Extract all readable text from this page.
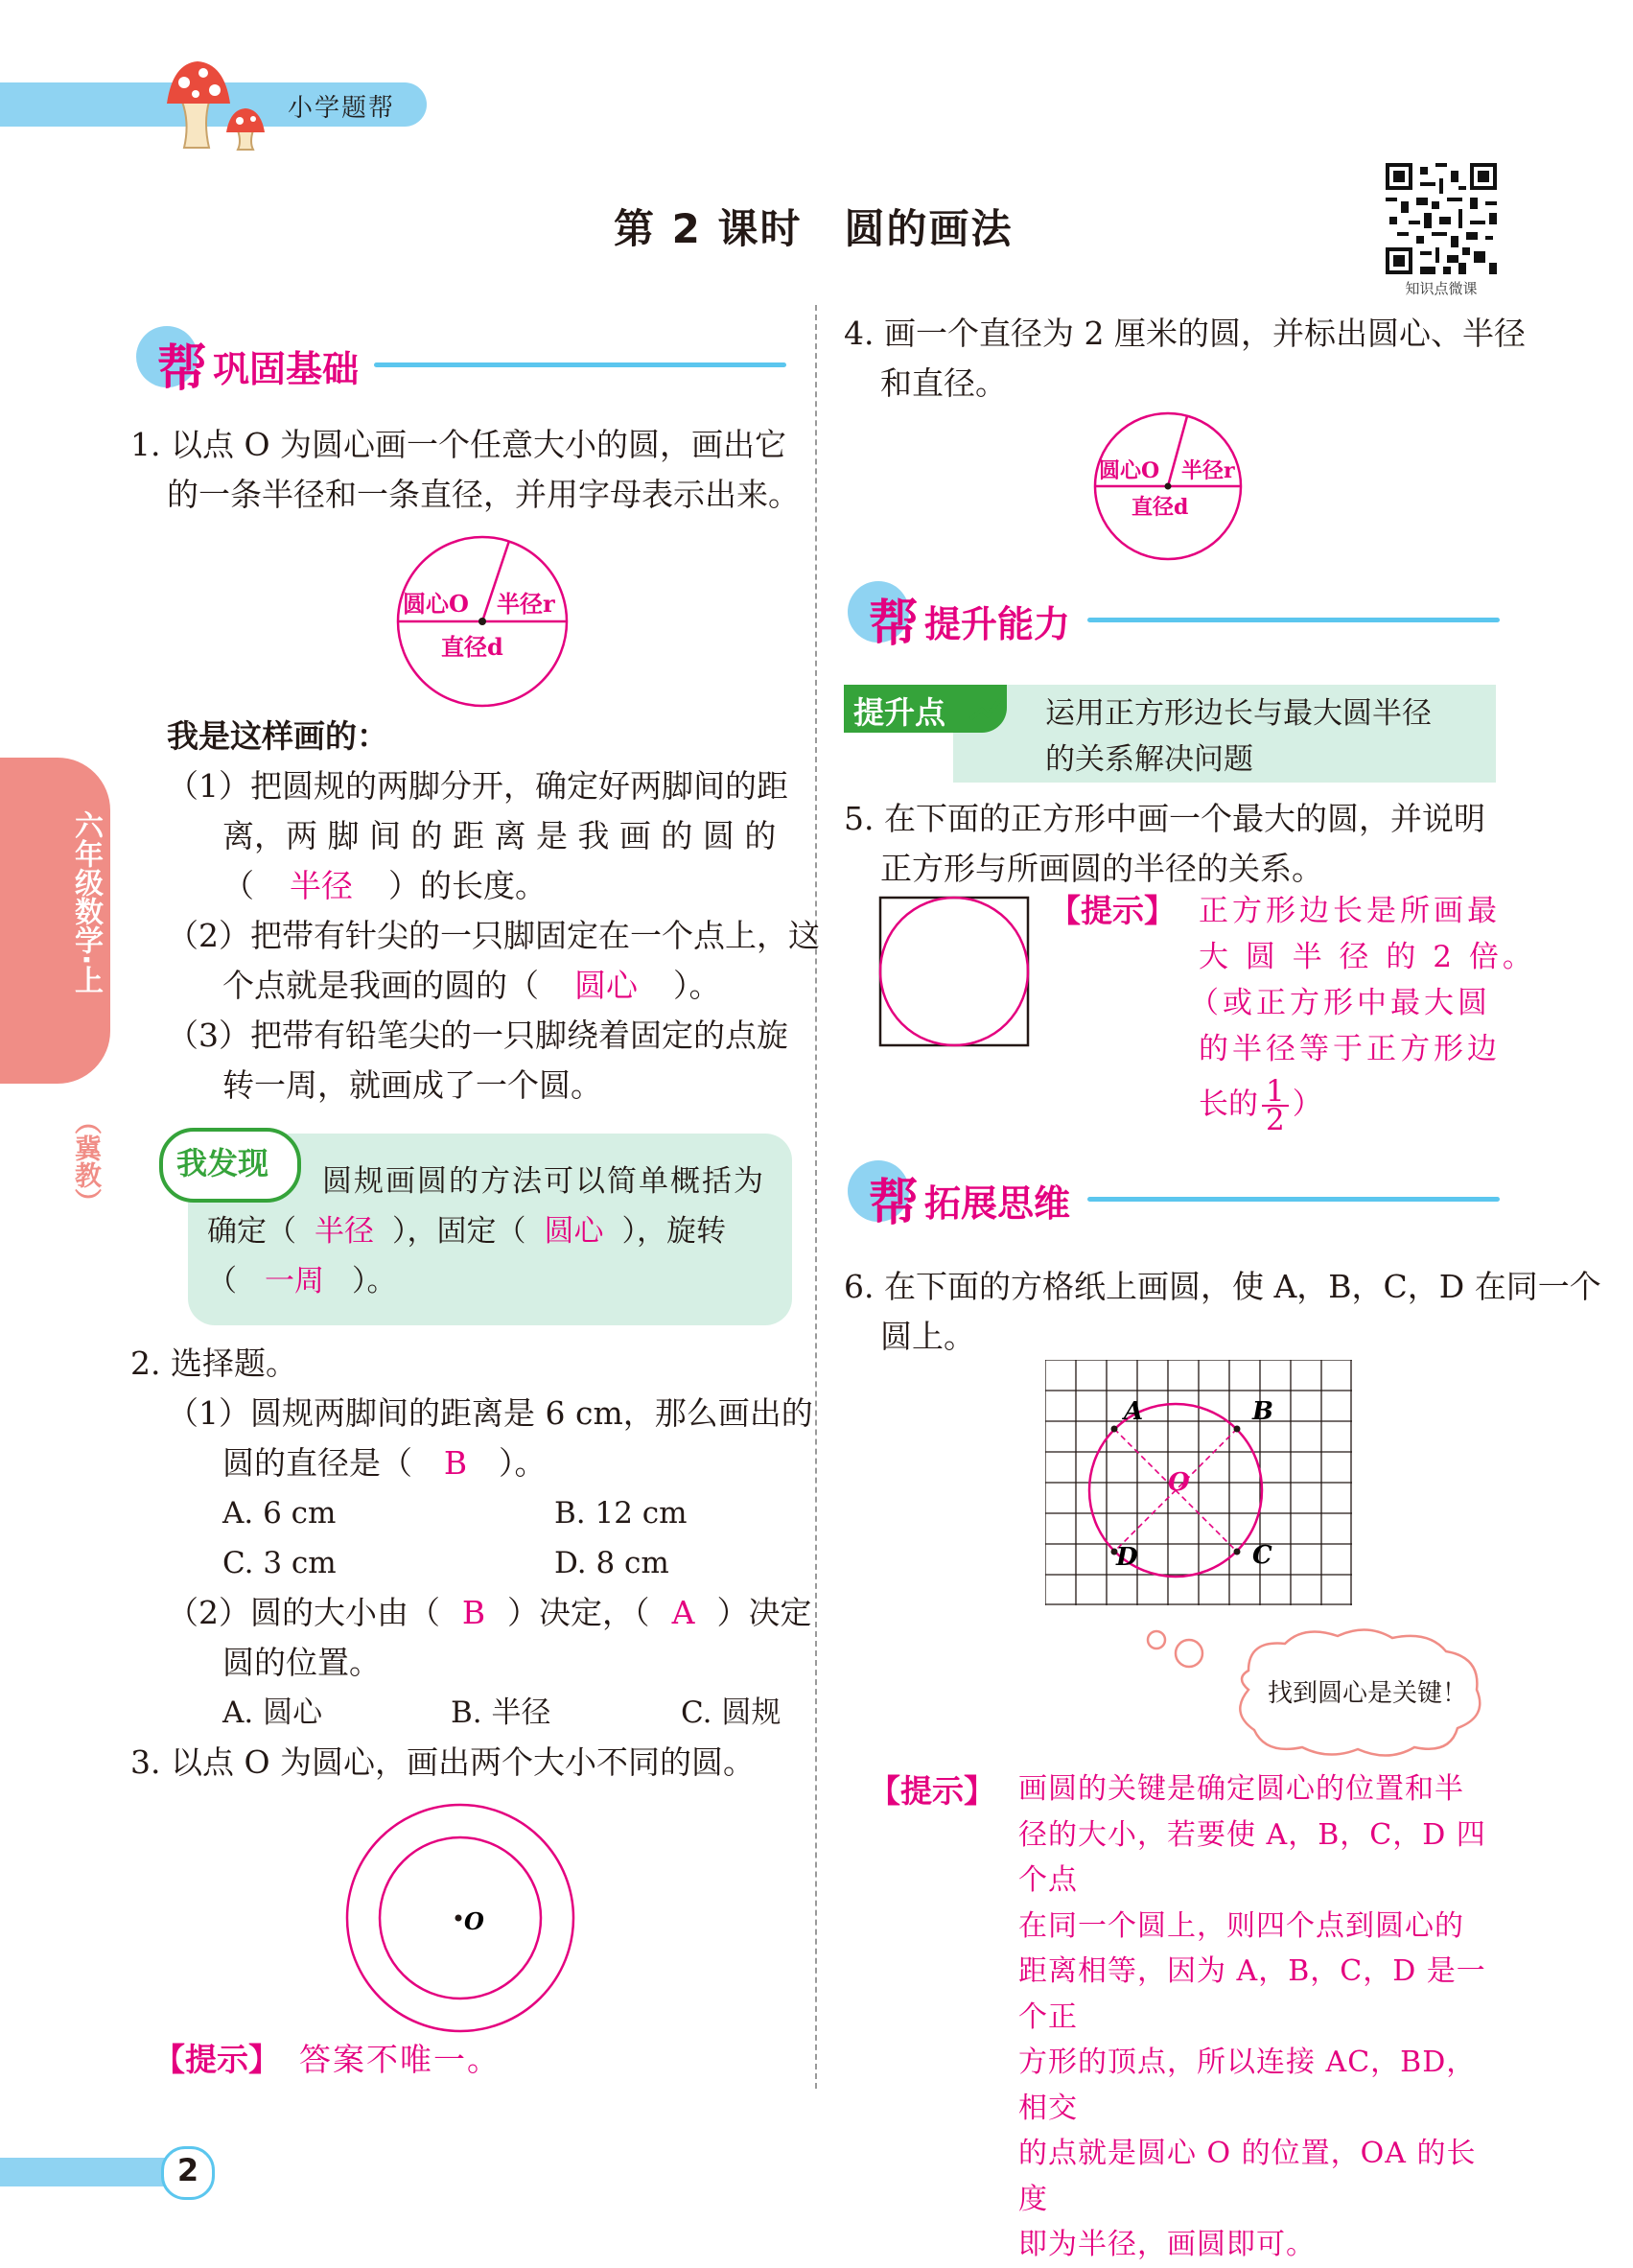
小学题帮
知识点微课
第 2 课时　圆的画法
六年级数学·上
（冀教）
帮 巩固基础
1. 以点 O 为圆心画一个任意大小的圆，画出它
的一条半径和一条直径，并用字母表示出来。
圆心O 半径r
直径d
我是这样画的：
（1）把圆规的两脚分开，确定好两脚间的距
离，两 脚 间 的 距 离 是 我 画 的 圆 的
（ 半径 ）的长度。
（2）把带有针尖的一只脚固定在一个点上，这
个点就是我画的圆的（ 圆心 ）。
（3）把带有铅笔尖的一只脚绕着固定的点旋
转一周，就画成了一个圆。
我发现 圆规画圆的方法可以简单概括为
确定（ 半径 ），固定（ 圆心 ），旋转
（ 一周 ）。
2. 选择题。
（1）圆规两脚间的距离是 6 cm，那么画出的
圆的直径是（ B ）。
A. 6 cm	B. 12 cm
C. 3 cm	D. 8 cm
（2）圆的大小由（ B ）决定，（ A ）决定
圆的位置。
A. 圆心	B. 半径	C. 圆规
3. 以点 O 为圆心，画出两个大小不同的圆。
O
【提示】 答案不唯一。
4. 画一个直径为 2 厘米的圆，并标出圆心、半径
和直径。
圆心O 半径r
直径d
帮 提升能力
提升点	运用正方形边长与最大圆半径
的关系解决问题
5. 在下面的正方形中画一个最大的圆，并说明
正方形与所画圆的半径的关系。
【提示】 正方形边长是所画最
大 圆 半 径 的 2 倍。
（或正方形中最大圆
的半径等于正方形边
长的 $\frac{1}{2}$ ）
帮 拓展思维
6. 在下面的方格纸上画圆，使 A，B，C，D 在同一个
圆上。
A	B
C
D
O
找到圆心是关键！
【提示】 画圆的关键是确定圆心的位置和半
径的大小，若要使 A，B，C，D 四个点
在同一个圆上，则四个点到圆心的
距离相等，因为 A，B，C，D 是一个正
方形的顶点，所以连接 AC，BD，相交
的点就是圆心 O 的位置，OA 的长度
即为半径，画圆即可。
2
